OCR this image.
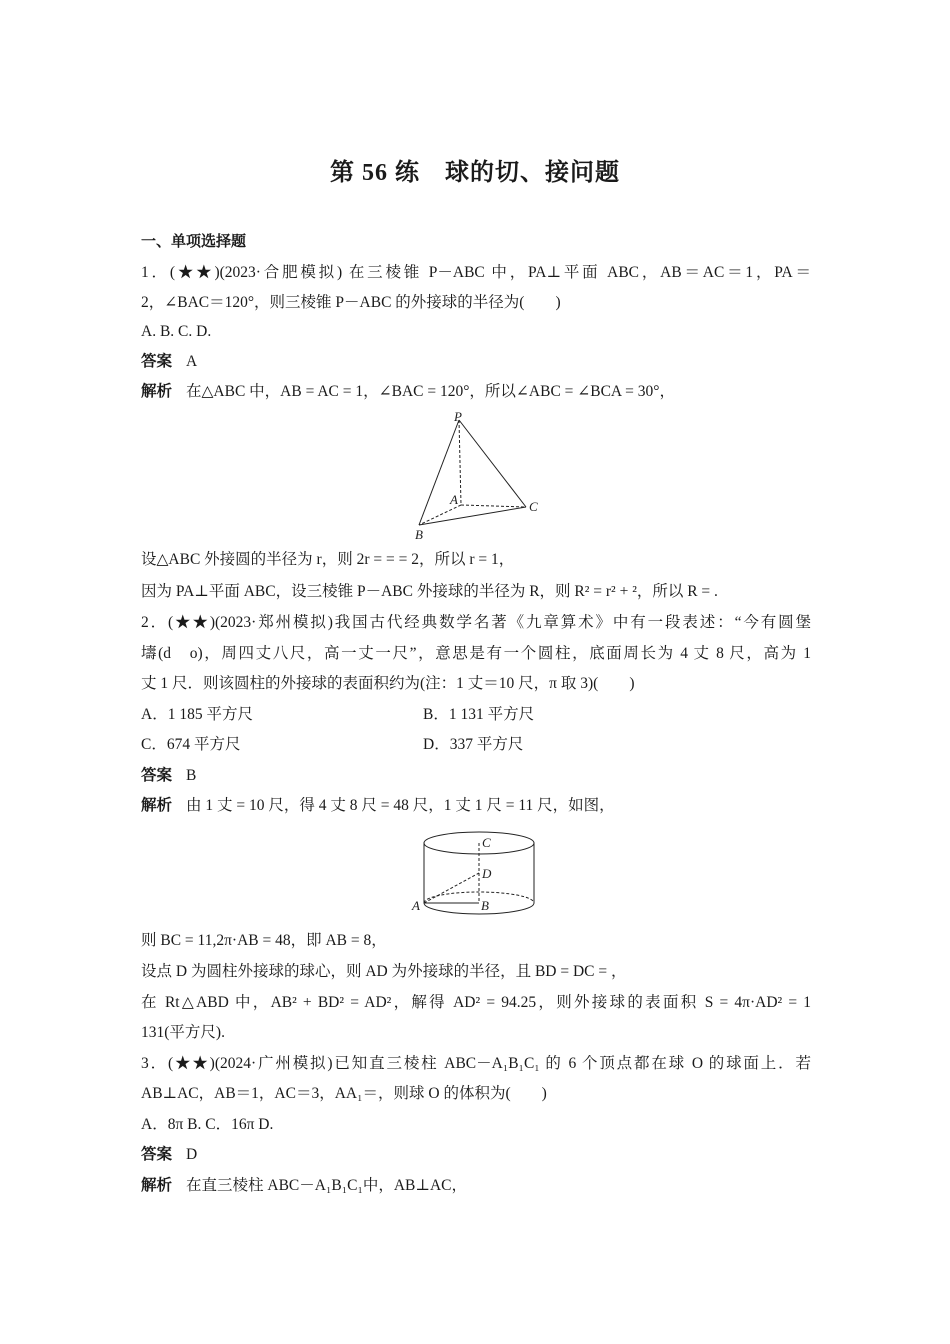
第 56 练　球的切、接问题
一、单项选择题
1．(★★)(2023·合肥模拟) 在三棱锥 P－ABC 中，PA⊥平面 ABC，AB＝AC＝1，PA＝
2，∠BAC＝120°，则三棱锥 P－ABC 的外接球的半径为(　　)
A. B. C. D.
答案 A
解析 在△ABC 中，AB = AC = 1，∠BAC = 120°，所以∠ABC = ∠BCA = 30°，
P
A
B
C
设△ABC 外接圆的半径为 r，则 2r = = = 2，所以 r = 1，
因为 PA⊥平面 ABC，设三棱锥 P－ABC 外接球的半径为 R，则 R² = r² + ²，所以 R = .
2．(★★)(2023·郑州模拟)我国古代经典数学名著《九章算术》中有一段表述：“今有圆堡
壔(d　o)，周四丈八尺，高一丈一尺”，意思是有一个圆柱，底面周长为 4 丈 8 尺，高为 1
丈 1 尺．则该圆柱的外接球的表面积约为(注：1 丈＝10 尺，π 取 3)(　　)
A．1 185 平方尺	B．1 131 平方尺
C．674 平方尺	D．337 平方尺
答案 B
解析 由 1 丈 = 10 尺，得 4 丈 8 尺 = 48 尺，1 丈 1 尺 = 11 尺，如图，
C
D
A	B
则 BC = 11,2π·AB = 48，即 AB = 8，
设点 D 为圆柱外接球的球心，则 AD 为外接球的半径，且 BD = DC = ，
在 Rt△ABD 中，AB² + BD² = AD²，解得 AD² = 94.25，则外接球的表面积 S = 4π·AD² = 1
131(平方尺).
3．(★★)(2024·广州模拟)已知直三棱柱 ABC－A₁B₁C₁ 的 6 个顶点都在球 O 的球面上．若
AB⊥AC，AB＝1，AC＝3，AA₁＝，则球 O 的体积为(　　)
A．8π B. C．16π D.
答案 D
解析 在直三棱柱 ABC－A₁B₁C₁中，AB⊥AC，
